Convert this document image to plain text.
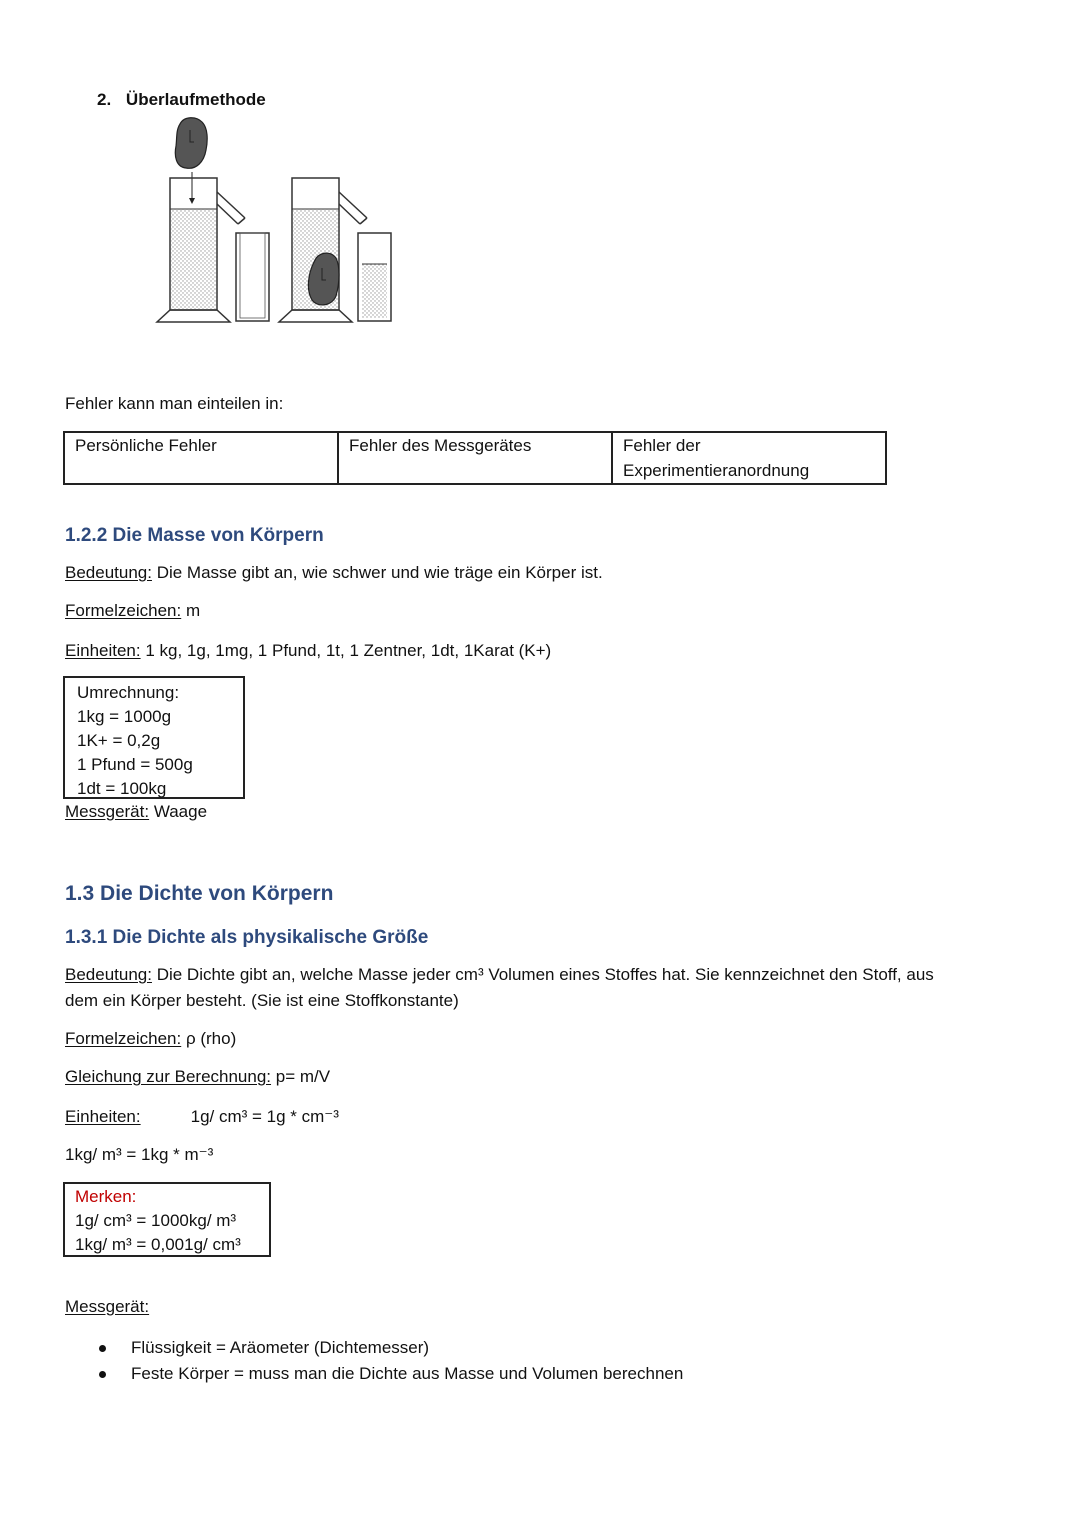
2. Überlaufmethode
Fehler kann man einteilen in:
Persönliche Fehler	Fehler des Messgerätes	Fehler der
Experimentieranordnung
1.2.2 Die Masse von Körpern
Bedeutung: Die Masse gibt an, wie schwer und wie träge ein Körper ist.
Formelzeichen: m
Einheiten: 1 kg, 1g, 1mg, 1 Pfund, 1t, 1 Zentner, 1dt, 1Karat (K+)
Umrechnung:
1kg = 1000g
1K+ = 0,2g
1 Pfund = 500g
1dt = 100kg
Messgerät: Waage
1.3 Die Dichte von Körpern
1.3.1 Die Dichte als physikalische Größe
Bedeutung: Die Dichte gibt an, welche Masse jeder cm³ Volumen eines Stoffes hat. Sie kennzeichnet den Stoff, aus
dem ein Körper besteht. (Sie ist eine Stoffkonstante)
Formelzeichen: ρ (rho)
Gleichung zur Berechnung: p= m/V
Einheiten:	1g/ cm³ = 1g * cm⁻³
1kg/ m³ = 1kg * m⁻³
Merken:
1g/ cm³ = 1000kg/ m³
1kg/ m³ = 0,001g/ cm³
Messgerät:
Flüssigkeit = Aräometer (Dichtemesser)
Feste Körper = muss man die Dichte aus Masse und Volumen berechnen
